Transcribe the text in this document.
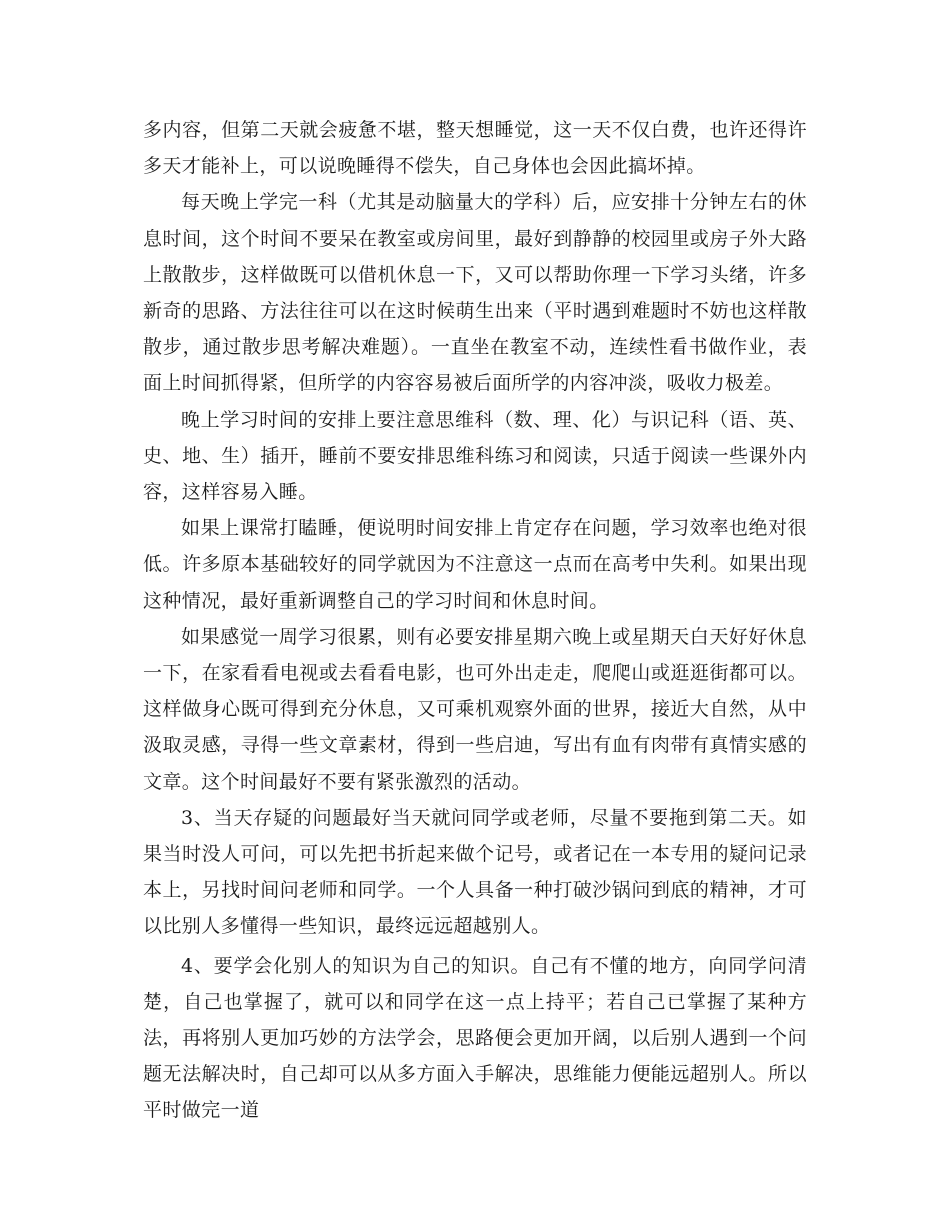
多内容，但第二天就会疲惫不堪，整天想睡觉，这一天不仅白费，也许还得许多天才能补上，可以说晚睡得不偿失，自己身体也会因此搞坏掉。

每天晚上学完一科（尤其是动脑量大的学科）后，应安排十分钟左右的休息时间，这个时间不要呆在教室或房间里，最好到静静的校园里或房子外大路上散散步，这样做既可以借机休息一下，又可以帮助你理一下学习头绪，许多新奇的思路、方法往往可以在这时候萌生出来（平时遇到难题时不妨也这样散散步，通过散步思考解决难题）。一直坐在教室不动，连续性看书做作业，表面上时间抓得紧，但所学的内容容易被后面所学的内容冲淡，吸收力极差。

晚上学习时间的安排上要注意思维科（数、理、化）与识记科（语、英、史、地、生）插开，睡前不要安排思维科练习和阅读，只适于阅读一些课外内容，这样容易入睡。

如果上课常打瞌睡，便说明时间安排上肯定存在问题，学习效率也绝对很低。许多原本基础较好的同学就因为不注意这一点而在高考中失利。如果出现这种情况，最好重新调整自己的学习时间和休息时间。

如果感觉一周学习很累，则有必要安排星期六晚上或星期天白天好好休息一下，在家看看电视或去看看电影，也可外出走走，爬爬山或逛逛街都可以。这样做身心既可得到充分休息，又可乘机观察外面的世界，接近大自然，从中汲取灵感，寻得一些文章素材，得到一些启迪，写出有血有肉带有真情实感的文章。这个时间最好不要有紧张激烈的活动。

3、当天存疑的问题最好当天就问同学或老师，尽量不要拖到第二天。如果当时没人可问，可以先把书折起来做个记号，或者记在一本专用的疑问记录本上，另找时间问老师和同学。一个人具备一种打破沙锅问到底的精神，才可以比别人多懂得一些知识，最终远远超越别人。

4、要学会化别人的知识为自己的知识。自己有不懂的地方，向同学问清楚，自己也掌握了，就可以和同学在这一点上持平；若自己已掌握了某种方法，再将别人更加巧妙的方法学会，思路便会更加开阔，以后别人遇到一个问题无法解决时，自己却可以从多方面入手解决，思维能力便能远超别人。所以平时做完一道
